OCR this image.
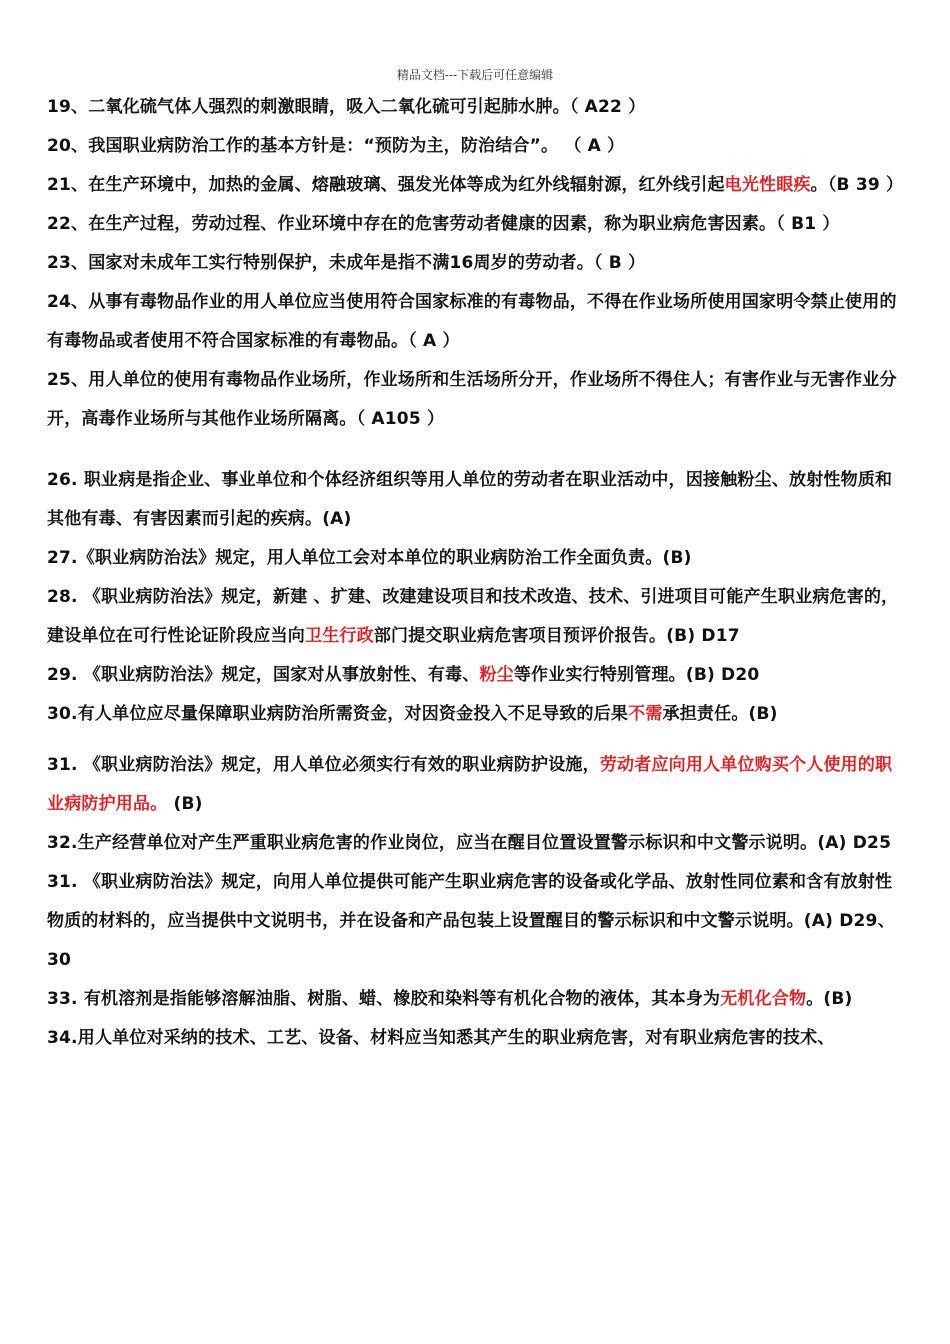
精品文档---下载后可任意编辑

19、二氧化硫气体人强烈的刺激眼睛，吸入二氧化硫可引起肺水肿。（ A22 ）

20、我国职业病防治工作的基本方针是：“预防为主，防治结合”。 （ A ）

21、在生产环境中，加热的金属、熔融玻璃、强发光体等成为红外线辐射源，红外线引起电光性眼疾。（B 39 ）

22、在生产过程，劳动过程、作业环境中存在的危害劳动者健康的因素，称为职业病危害因素。（ B1 ）

23、国家对未成年工实行特别保护，未成年是指不满16周岁的劳动者。（ B ）

24、从事有毒物品作业的用人单位应当使用符合国家标准的有毒物品，不得在作业场所使用国家明令禁止使用的有毒物品或者使用不符合国家标准的有毒物品。（ A ）

25、用人单位的使用有毒物品作业场所，作业场所和生活场所分开，作业场所不得住人；有害作业与无害作业分开，高毒作业场所与其他作业场所隔离。（ A105 ）

26. 职业病是指企业、事业单位和个体经济组织等用人单位的劳动者在职业活动中，因接触粉尘、放射性物质和其他有毒、有害因素而引起的疾病。(A)

27.《职业病防治法》规定，用人单位工会对本单位的职业病防治工作全面负责。(B)

28. 《职业病防治法》规定，新建 、扩建、改建建设项目和技术改造、技术、引进项目可能产生职业病危害的，建设单位在可行性论证阶段应当向卫生行政部门提交职业病危害项目预评价报告。(B) D17

29. 《职业病防治法》规定，国家对从事放射性、有毒、粉尘等作业实行特别管理。(B) D20

30.有人单位应尽量保障职业病防治所需资金，对因资金投入不足导致的后果不需承担责任。(B)

31. 《职业病防治法》规定，用人单位必须实行有效的职业病防护设施，劳动者应向用人单位购买个人使用的职业病防护用品。 (B)

32.生产经营单位对产生严重职业病危害的作业岗位，应当在醒目位置设置警示标识和中文警示说明。(A) D25

31. 《职业病防治法》规定，向用人单位提供可能产生职业病危害的设备或化学品、放射性同位素和含有放射性物质的材料的，应当提供中文说明书，并在设备和产品包装上设置醒目的警示标识和中文警示说明。(A) D29、30

33. 有机溶剂是指能够溶解油脂、树脂、蜡、橡胶和染料等有机化合物的液体，其本身为无机化合物。(B)

34.用人单位对采纳的技术、工艺、设备、材料应当知悉其产生的职业病危害，对有职业病危害的技术、
